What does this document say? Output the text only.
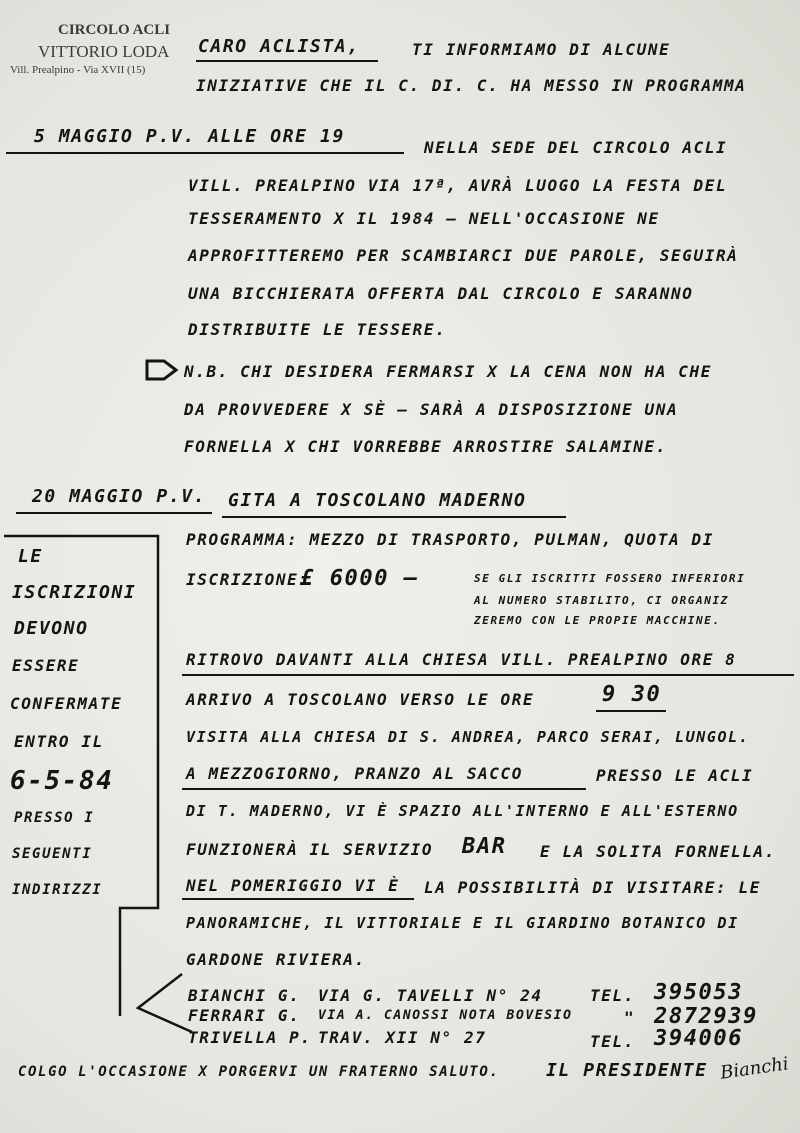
CIRCOLO ACLI
VITTORIO LODA
Vill. Prealpino - Via XVII (15)
CARO ACLISTA,	TI INFORMIAMO DI ALCUNE
INIZIATIVE CHE IL C. DI. C. HA MESSO IN PROGRAMMA
5 MAGGIO P.V. ALLE ORE 19
NELLA SEDE DEL CIRCOLO ACLI
VILL. PREALPINO VIA 17ª, AVRÀ LUOGO LA FESTA DEL
TESSERAMENTO X IL 1984 — NELL'OCCASIONE NE
APPROFITTEREMO PER SCAMBIARCI DUE PAROLE, SEGUIRÀ
UNA BICCHIERATA OFFERTA DAL CIRCOLO E SARANNO
DISTRIBUITE LE TESSERE.
N.B. CHI DESIDERA FERMARSI X LA CENA NON HA CHE
DA PROVVEDERE X SÈ — SARÀ A DISPOSIZIONE UNA
FORNELLA X CHI VORREBBE ARROSTIRE SALAMINE.
20 MAGGIO P.V. GITA A TOSCOLANO MADERNO
LE
ISCRIZIONI
DEVONO
ESSERE
CONFERMATE
ENTRO IL
6-5-84
PRESSO I
SEGUENTI
INDIRIZZI
PROGRAMMA: MEZZO DI TRASPORTO, PULMAN, QUOTA DI
ISCRIZIONE £ 6000 —	SE GLI ISCRITTI FOSSERO INFERIORI
AL NUMERO STABILITO, CI ORGANIZ
ZEREMO CON LE PROPIE MACCHINE.
RITROVO DAVANTI ALLA CHIESA VILL. PREALPINO ORE 8
ARRIVO A TOSCOLANO VERSO LE ORE	9 30
VISITA ALLA CHIESA DI S. ANDREA, PARCO SERAI, LUNGOL.
A MEZZOGIORNO, PRANZO AL SACCO	PRESSO LE ACLI
DI T. MADERNO, VI È SPAZIO ALL'INTERNO E ALL'ESTERNO
FUNZIONERÀ IL SERVIZIO BAR E LA SOLITA FORNELLA.
NEL POMERIGGIO VI È LA POSSIBILITÀ DI VISITARE: LE
PANORAMICHE, IL VITTORIALE E IL GIARDINO BOTANICO DI
GARDONE RIVIERA.
BIANCHI G. VIA G. TAVELLI N° 24	TEL. 395053
FERRARI G. VIA A. CANOSSI NOTA BOVESIO	" 2872939
TRIVELLA P. TRAV. XII N° 27	TEL. 394006
COLGO L'OCCASIONE X PORGERVI UN FRATERNO SALUTO.	IL PRESIDENTE Bianchi
